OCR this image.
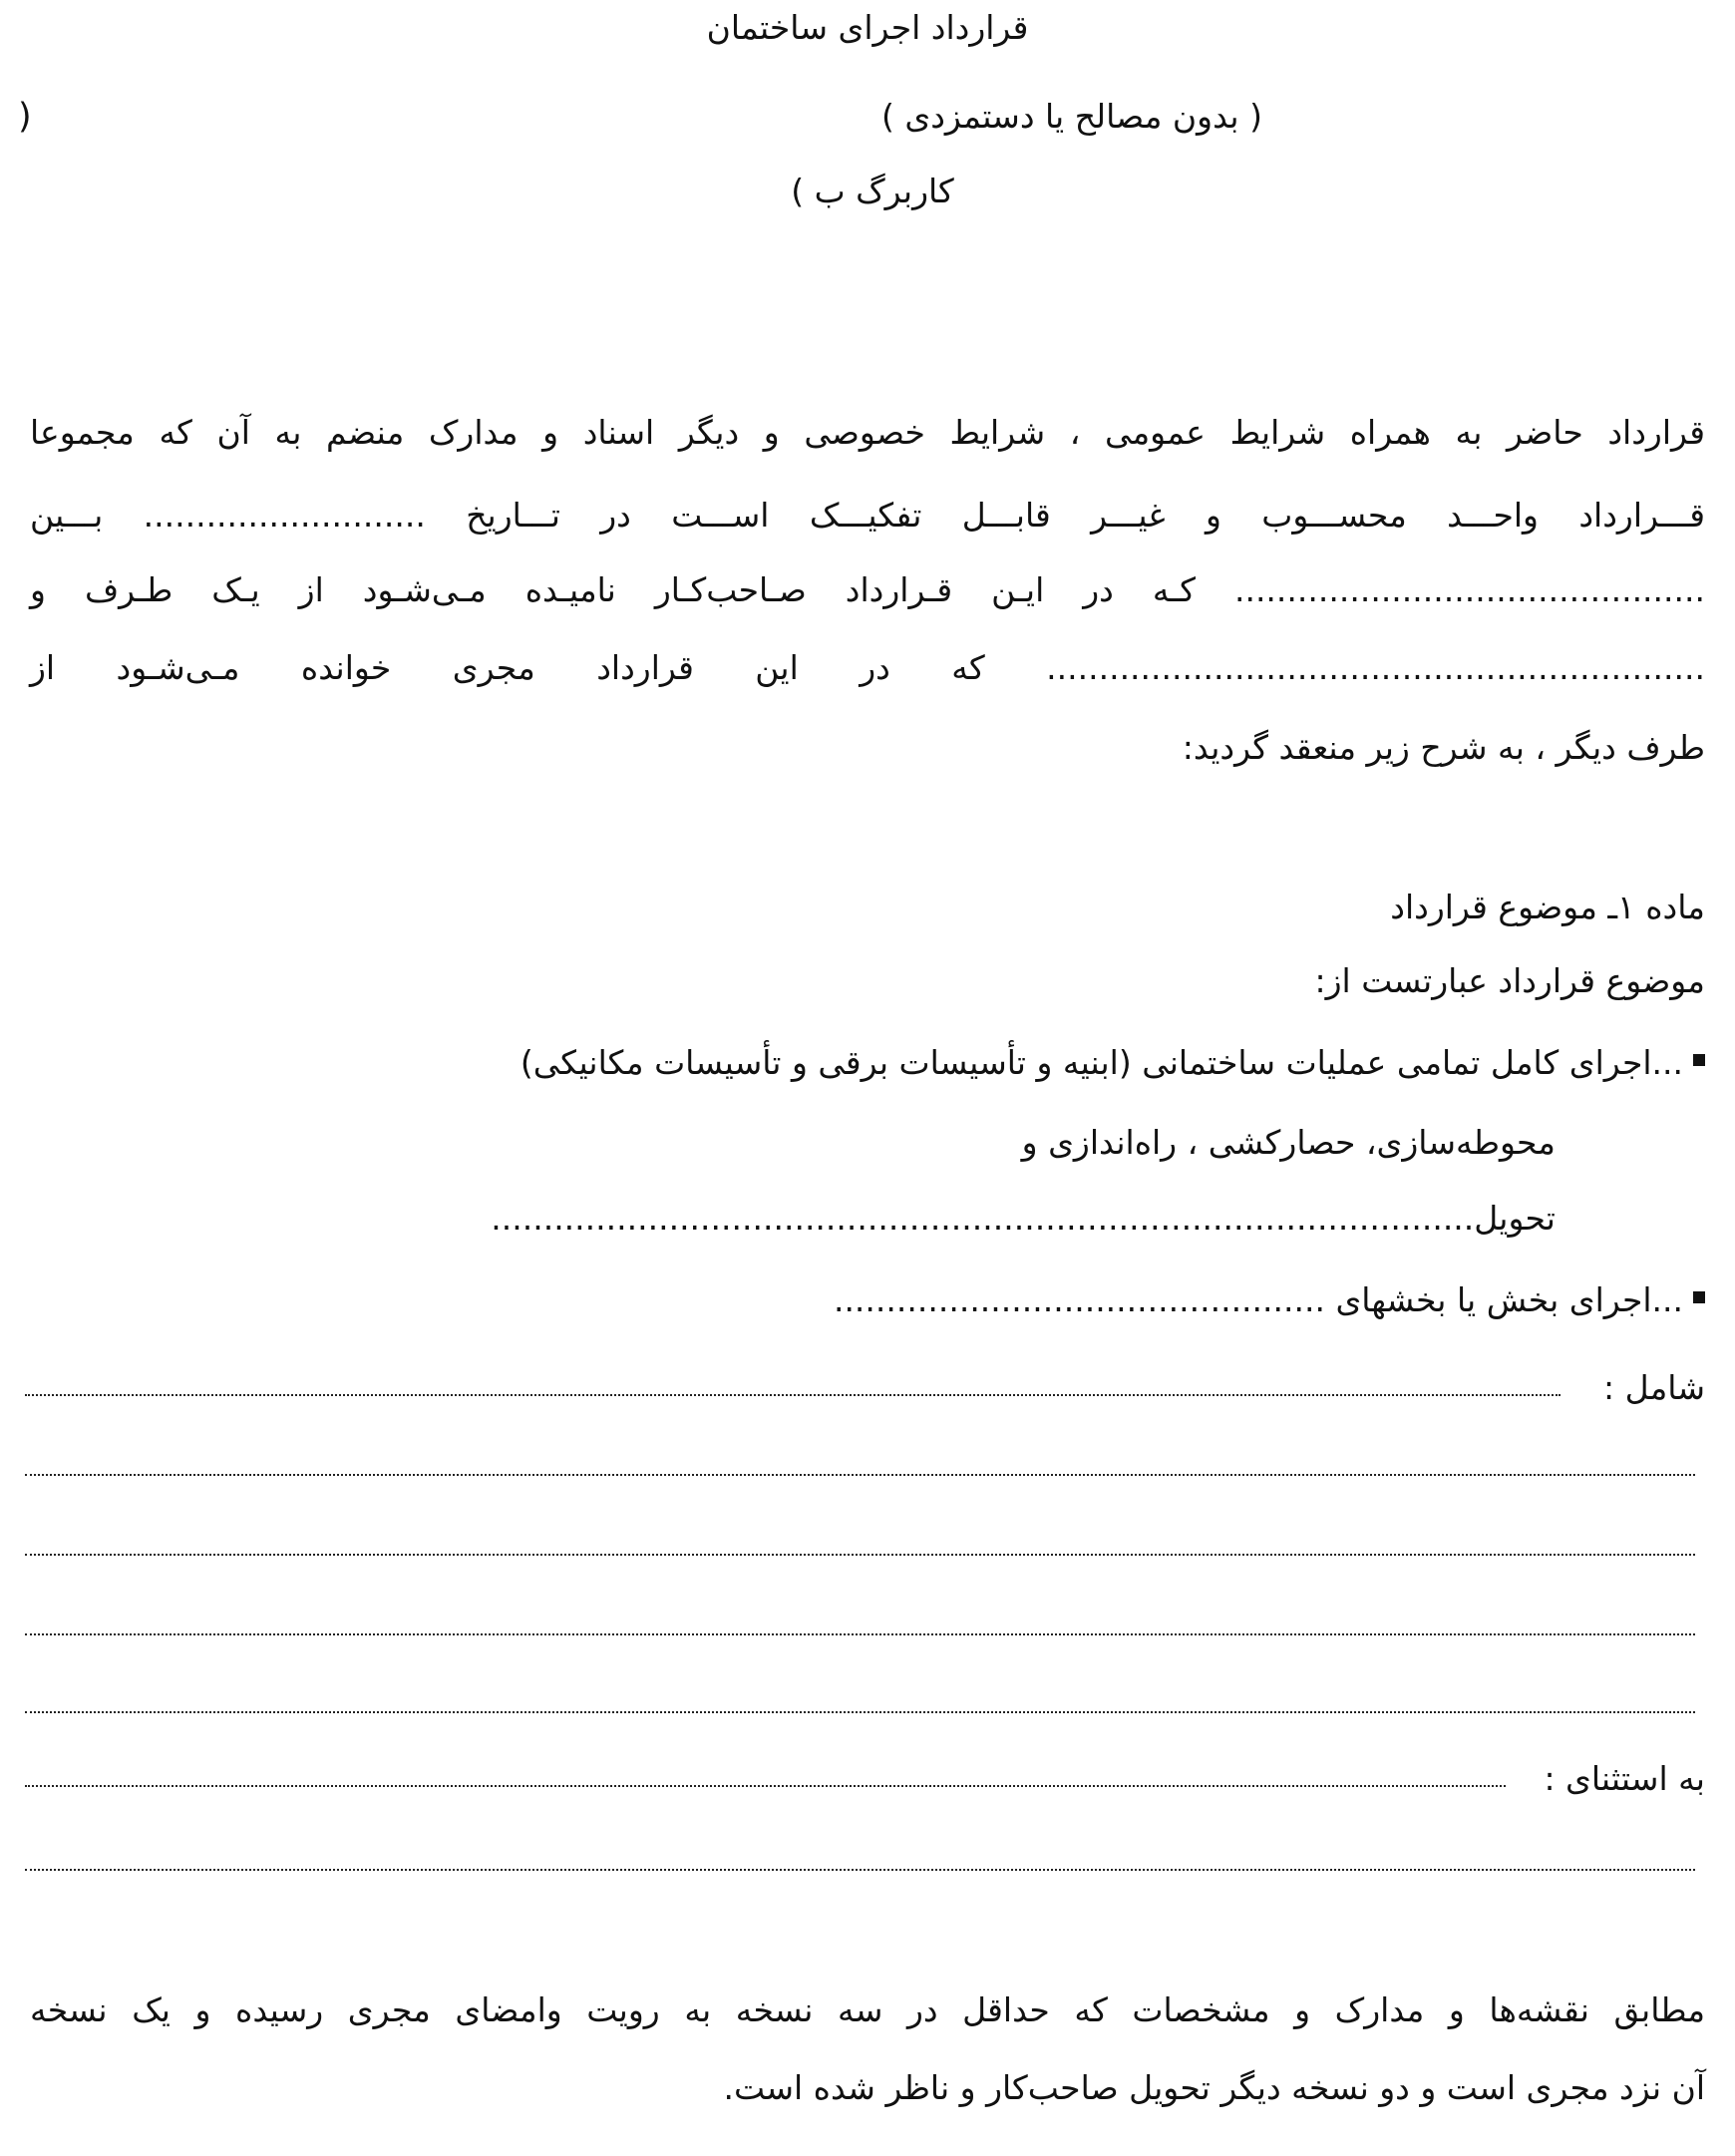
قرارداد اجرای ساختمان
( بدون مصالح یا دستمزدی )
(
کاربرگ ب )
قرارداد حاضر به همراه شرایط عمومی ، شرایط خصوصی و دیگر اسناد و مدارک منضم به آن که مجموعا
قـــرارداد واحـــد محســـوب و غیـــر قابـــل تفکیـــک اســـت در تـــاریخ ........................... بـــین
............................................. کـه در ایـن قـرارداد صـاحب‌کـار نامیـده مـی‌شـود از یـک طـرف و
............................................................... که در این قرارداد مجری خوانده مـی‌شـود از
طرف دیگر ، به شرح زیر منعقد گردید:
ماده ۱ـ موضوع قرارداد
موضوع قرارداد عبارتست از:
...اجرای کامل تمامی عملیات ساختمانی (ابنیه و تأسیسات برقی و تأسیسات مکانیکی)
محوطه‌سازی، حصارکشی ، راه‌اندازی و
تحویل..............................................................................................
...اجرای بخش یا بخشهای ...............................................
شامل :
به استثنای :
مطابق نقشه‌ها و مدارک و مشخصات که حداقل در سه نسخه به رویت وامضای مجری رسیده و یک نسخه
آن نزد مجری است و دو نسخه دیگر تحویل صاحب‌کار و ناظر شده است.
